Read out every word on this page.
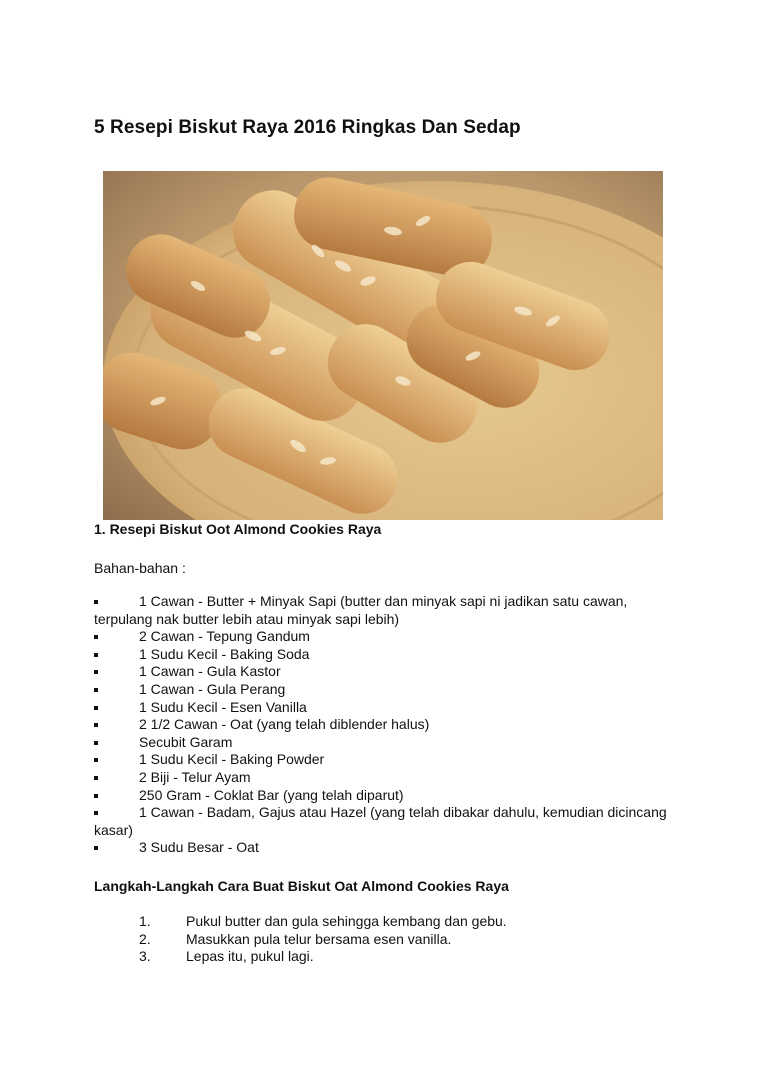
5 Resepi Biskut Raya 2016 Ringkas Dan Sedap
1. Resepi Biskut Oot Almond Cookies Raya
Bahan-bahan :
1 Cawan - Butter + Minyak Sapi (butter dan minyak sapi ni jadikan satu cawan, terpulang nak butter lebih atau minyak sapi lebih)
2 Cawan - Tepung Gandum
1 Sudu Kecil - Baking Soda
1 Cawan - Gula Kastor
1 Cawan - Gula Perang
1 Sudu Kecil - Esen Vanilla
2 1/2 Cawan - Oat (yang telah diblender halus)
Secubit Garam
1 Sudu Kecil - Baking Powder
2 Biji - Telur Ayam
250 Gram - Coklat Bar (yang telah diparut)
1 Cawan - Badam, Gajus atau Hazel (yang telah dibakar dahulu, kemudian dicincang kasar)
3 Sudu Besar - Oat
Langkah-Langkah Cara Buat Biskut Oat Almond Cookies Raya
1.	Pukul butter dan gula sehingga kembang dan gebu.
2.	Masukkan pula telur bersama esen vanilla.
3.	Lepas itu, pukul lagi.
